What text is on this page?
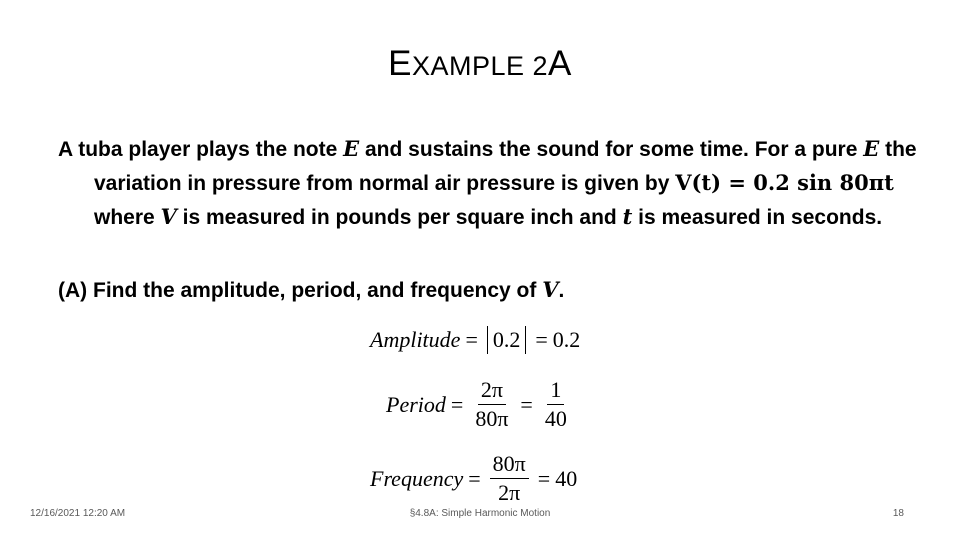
EXAMPLE 2A
A tuba player plays the note E and sustains the sound for some time. For a pure E the variation in pressure from normal air pressure is given by V(t) = 0.2 sin 80πt where V is measured in pounds per square inch and t is measured in seconds.
(A) Find the amplitude, period, and frequency of V.
Amplitude = 0.2 = 0.2
Period = $\frac{2\pi}{80\pi} = \frac{1}{40}$
Frequency = $\frac{80\pi}{2\pi} = 40$
12/16/2021 12:20 AM	§4.8A: Simple Harmonic Motion	18
